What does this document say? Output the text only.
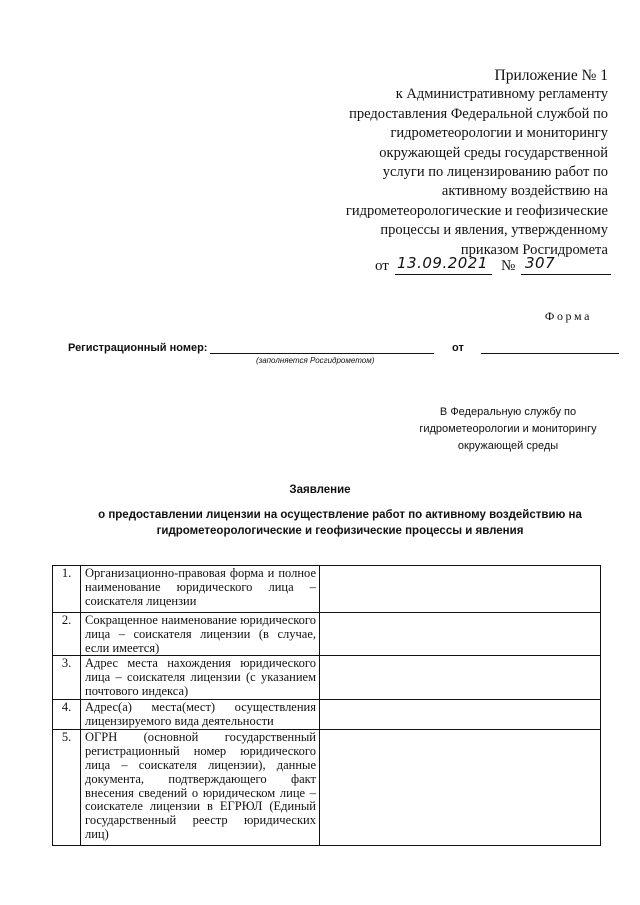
Приложение № 1
к Административному регламенту
предоставления Федеральной службой по
гидрометеорологии и мониторингу
окружающей среды государственной
услуги по лицензированию работ по
активному воздействию на
гидрометеорологические и геофизические
процессы и явления, утвержденному
приказом Росгидромета
от 13.09.2021 № 307
Форма
Регистрационный номер:
(заполняется Росгидрометом)
от
В Федеральную службу по
гидрометеорологии и мониторингу
окружающей среды
Заявление
о предоставлении лицензии на осуществление работ по активному воздействию на гидрометеорологические и геофизические процессы и явления
1.	Организационно-правовая форма и полное наименование юридического лица – соискателя лицензии	
2.	Сокращенное наименование юридического лица – соискателя лицензии (в случае, если имеется)	
3.	Адрес места нахождения юридического лица – соискателя лицензии (с указанием почтового индекса)	
4.	Адрес(а) места(мест) осуществления лицензируемого вида деятельности	
5.	ОГРН (основной государственный регистрационный номер юридического лица – соискателя лицензии), данные документа, подтверждающего факт внесения сведений о юридическом лице – соискателе лицензии в ЕГРЮЛ (Единый государственный реестр юридических лиц)	
